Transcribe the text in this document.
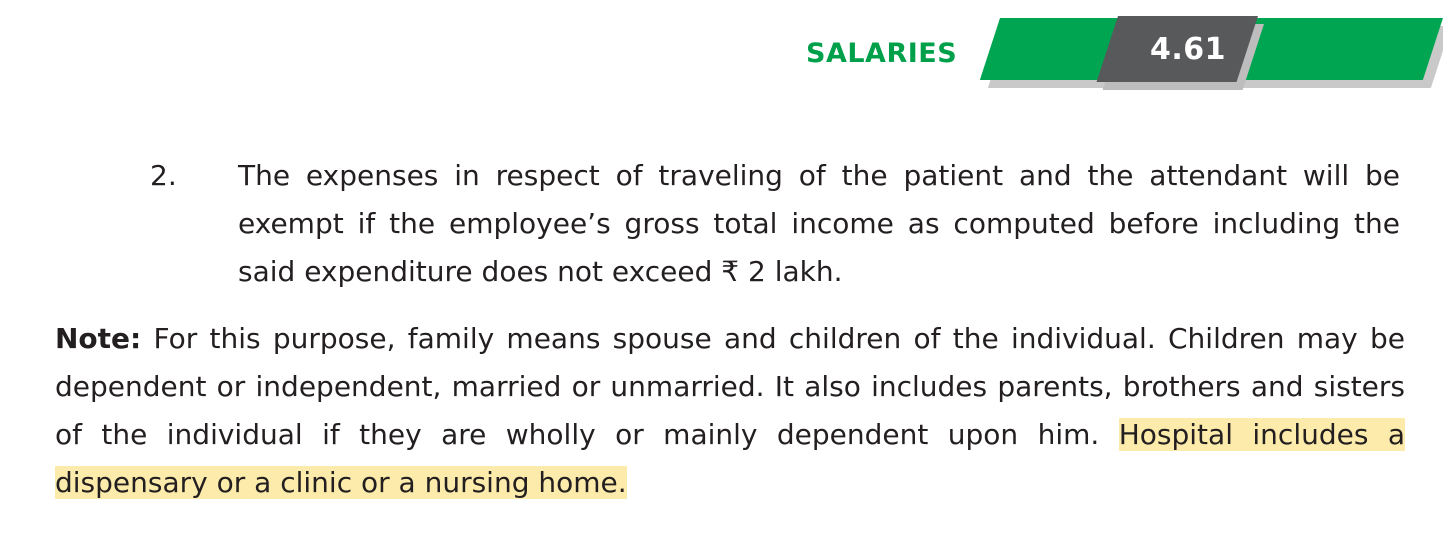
SALARIES	4.61
2.	The expenses in respect of traveling of the patient and the attendant will be exempt if the employee’s gross total income as computed before including the said expenditure does not exceed ₹ 2 lakh.
Note: For this purpose, family means spouse and children of the individual. Children may be dependent or independent, married or unmarried. It also includes parents, brothers and sisters of the individual if they are wholly or mainly dependent upon him. Hospital includes a dispensary or a clinic or a nursing home.
